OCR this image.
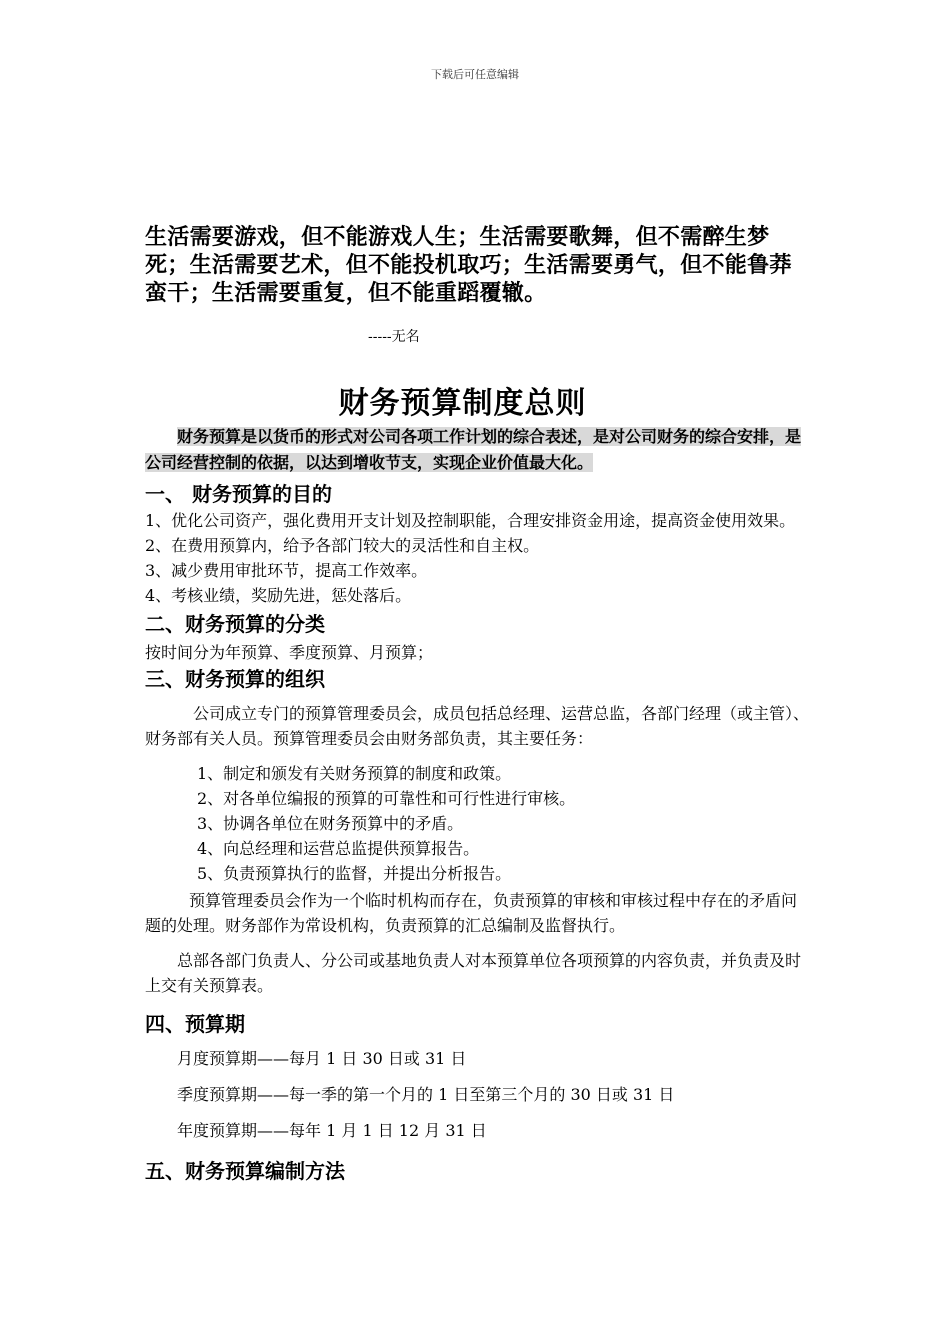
下载后可任意编辑
生活需要游戏，但不能游戏人生；生活需要歌舞，但不需醉生梦死；生活需要艺术，但不能投机取巧；生活需要勇气，但不能鲁莽蛮干；生活需要重复，但不能重蹈覆辙。
-----无名
财务预算制度总则
财务预算是以货币的形式对公司各项工作计划的综合表述，是对公司财务的综合安排，是公司经营控制的依据，以达到增收节支，实现企业价值最大化。

一、 财务预算的目的

1、优化公司资产，强化费用开支计划及控制职能，合理安排资金用途，提高资金使用效果。

2、在费用预算内，给予各部门较大的灵活性和自主权。

3、减少费用审批环节，提高工作效率。

4、考核业绩，奖励先进，惩处落后。

二、财务预算的分类

按时间分为年预算、季度预算、月预算；

三、财务预算的组织

公司成立专门的预算管理委员会，成员包括总经理、运营总监，各部门经理（或主管）、财务部有关人员。预算管理委员会由财务部负责，其主要任务：

1、制定和颁发有关财务预算的制度和政策。

2、对各单位编报的预算的可靠性和可行性进行审核。

3、协调各单位在财务预算中的矛盾。

4、向总经理和运营总监提供预算报告。

5、负责预算执行的监督，并提出分析报告。

预算管理委员会作为一个临时机构而存在，负责预算的审核和审核过程中存在的矛盾问题的处理。财务部作为常设机构，负责预算的汇总编制及监督执行。

总部各部门负责人、分公司或基地负责人对本预算单位各项预算的内容负责，并负责及时上交有关预算表。

四、预算期

月度预算期——每月 1 日 30 日或 31 日

季度预算期——每一季的第一个月的 1 日至第三个月的 30 日或 31 日

年度预算期——每年 1 月 1 日 12 月 31 日

五、财务预算编制方法
